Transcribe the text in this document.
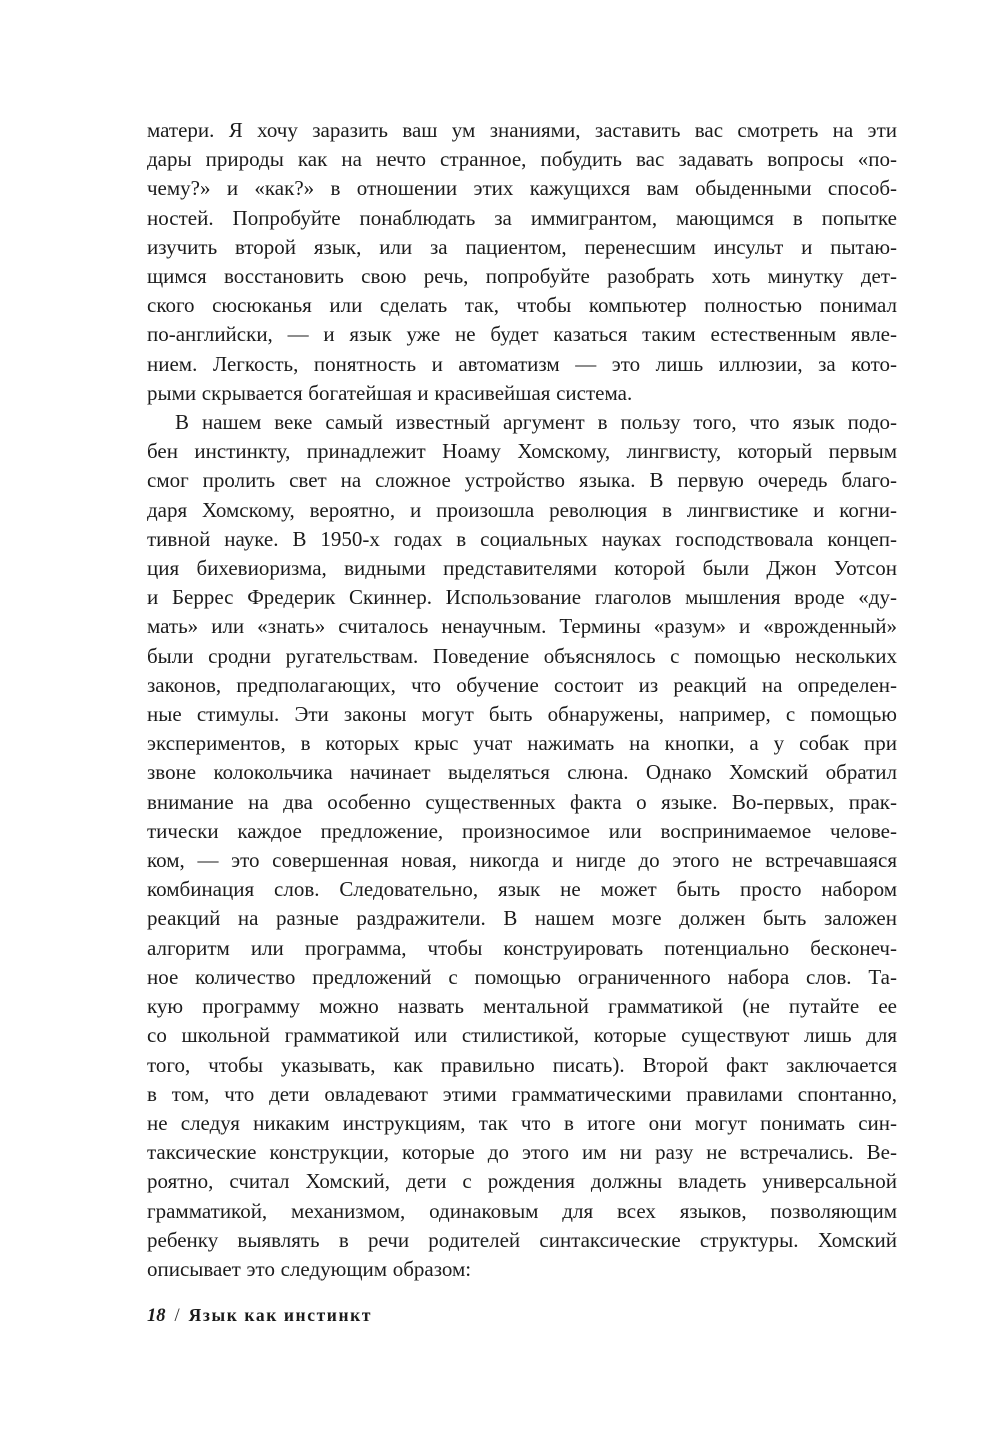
матери. Я хочу заразить ваш ум знаниями, заставить вас смотреть на эти
дары природы как на нечто странное, побудить вас задавать вопросы «по-
чему?» и «как?» в отношении этих кажущихся вам обыденными способ-
ностей. Попробуйте понаблюдать за иммигрантом, мающимся в попытке
изучить второй язык, или за пациентом, перенесшим инсульт и пытаю-
щимся восстановить свою речь, попробуйте разобрать хоть минутку дет-
ского сюсюканья или сделать так, чтобы компьютер полностью понимал
по-английски, — и язык уже не будет казаться таким естественным явле-
нием. Легкость, понятность и автоматизм — это лишь иллюзии, за кото-
рыми скрывается богатейшая и красивейшая система.
В нашем веке самый известный аргумент в пользу того, что язык подо-
бен инстинкту, принадлежит Ноаму Хомскому, лингвисту, который первым
смог пролить свет на сложное устройство языка. В первую очередь благо-
даря Хомскому, вероятно, и произошла революция в лингвистике и когни-
тивной науке. В 1950-х годах в социальных науках господствовала концеп-
ция бихевиоризма, видными представителями которой были Джон Уотсон
и Беррес Фредерик Скиннер. Использование глаголов мышления вроде «ду-
мать» или «знать» считалось ненаучным. Термины «разум» и «врожденный»
были сродни ругательствам. Поведение объяснялось с помощью нескольких
законов, предполагающих, что обучение состоит из реакций на определен-
ные стимулы. Эти законы могут быть обнаружены, например, с помощью
экспериментов, в которых крыс учат нажимать на кнопки, а у собак при
звоне колокольчика начинает выделяться слюна. Однако Хомский обратил
внимание на два особенно существенных факта о языке. Во-первых, прак-
тически каждое предложение, произносимое или воспринимаемое челове-
ком, — это совершенная новая, никогда и нигде до этого не встречавшаяся
комбинация слов. Следовательно, язык не может быть просто набором
реакций на разные раздражители. В нашем мозге должен быть заложен
алгоритм или программа, чтобы конструировать потенциально бесконеч-
ное количество предложений с помощью ограниченного набора слов. Та-
кую программу можно назвать ментальной грамматикой (не путайте ее
со школьной грамматикой или стилистикой, которые существуют лишь для
того, чтобы указывать, как правильно писать). Второй факт заключается
в том, что дети овладевают этими грамматическими правилами спонтанно,
не следуя никаким инструкциям, так что в итоге они могут понимать син-
таксические конструкции, которые до этого им ни разу не встречались. Ве-
роятно, считал Хомский, дети с рождения должны владеть универсальной
грамматикой, механизмом, одинаковым для всех языков, позволяющим
ребенку выявлять в речи родителей синтаксические структуры. Хомский
описывает это следующим образом:
18 / Язык как инстинкт
